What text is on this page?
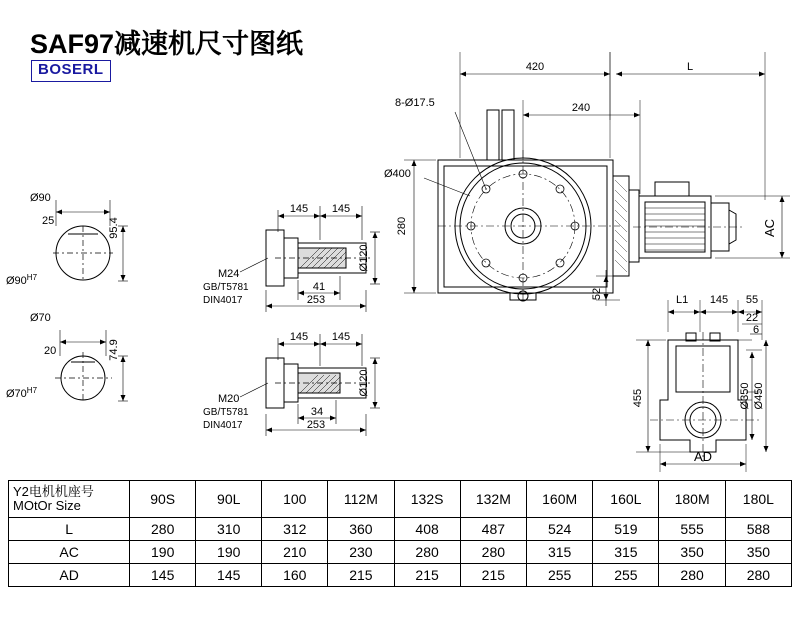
SAF97减速机尺寸图纸
BOSERL	420	L
8-Ø17.5	240
Ø400
280
52
AC
Ø90
25	95.4
$Ø90^{H7}$
Ø70
20	74.9
$Ø70^{H7}$
145 145
Ø120
M24
GB/T5781
DIN4017
41
253
145 145
Ø120
M20
GB/T5781
DIN4017
34
253
L1 145 55
22
6
455	Ø350 Ø450
AD
Y2电机机座号
MOtOr Size	90S	90L	100	112M	132S	132M	160M	160L	180M	180L
L	280	310	312	360	408	487	524	519	555	588
AC	190	190	210	230	280	280	315	315	350	350
AD	145	145	160	215	215	215	255	255	280	280
